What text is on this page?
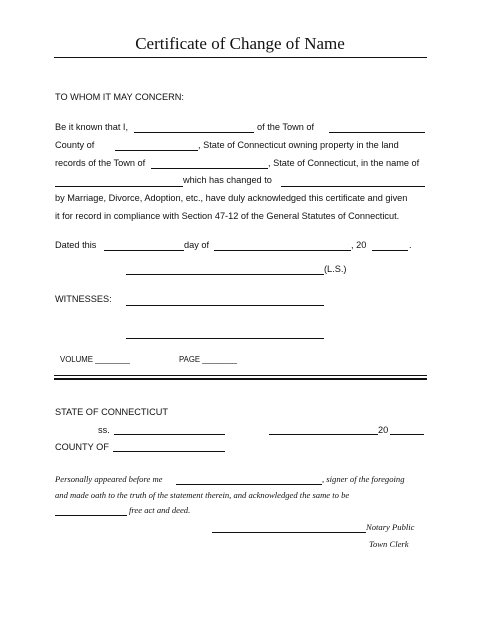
Certificate of Change of Name
TO WHOM IT MAY CONCERN:
Be it known that I,	of the Town of
County of	, State of Connecticut owning property in the land
records of the Town of	, State of Connecticut, in the name of
which has changed to
by Marriage, Divorce, Adoption, etc., have duly acknowledged this certificate and given
it for record in compliance with Section 47-12 of the General Statutes of Connecticut.
Dated this	day of	, 20	.
(L.S.)
WITNESSES:
VOLUME ________	PAGE ________
STATE OF CONNECTICUT
ss.	20
COUNTY OF
Personally appeared before me	, signer of the foregoing
and made oath to the truth of the statement therein, and acknowledged the same to be
free act and deed.
Notary Public
Town Clerk
